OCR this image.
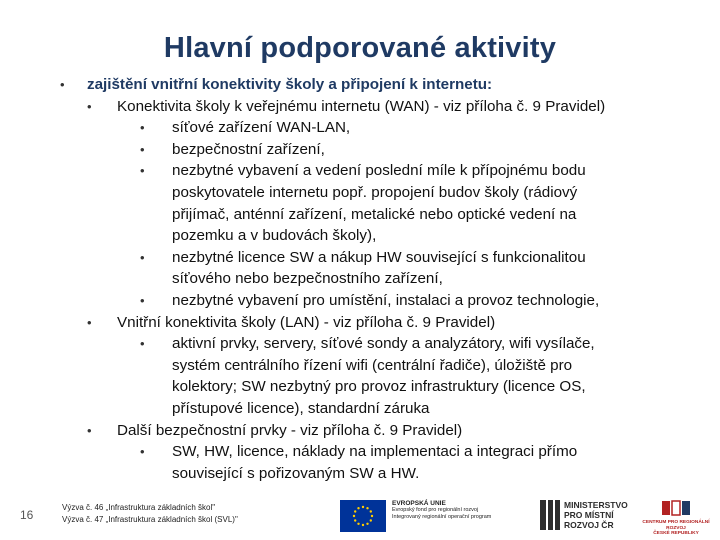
Hlavní podporované aktivity
• zajištění vnitřní konektivity školy a připojení k internetu:
• Konektivita školy k veřejnému internetu (WAN) - viz příloha č. 9 Pravidel)
• síťové zařízení WAN-LAN,
• bezpečnostní zařízení,
• nezbytné vybavení a vedení poslední míle k přípojnému bodu
poskytovatele internetu popř. propojení budov školy (rádiový
přijímač, anténní zařízení, metalické nebo optické vedení na
pozemku a v budovách školy),
• nezbytné licence SW a nákup HW související s funkcionalitou
síťového nebo bezpečnostního zařízení,
• nezbytné vybavení pro umístění, instalaci a provoz technologie,
• Vnitřní konektivita školy (LAN) - viz příloha č. 9 Pravidel)
• aktivní prvky, servery, síťové sondy a analyzátory, wifi vysílače,
systém centrálního řízení wifi (centrální řadiče), úložiště pro
kolektory; SW nezbytný pro provoz infrastruktury (licence OS,
přístupové licence), standardní záruka
• Další bezpečnostní prvky - viz příloha č. 9 Pravidel)
• SW, HW, licence, náklady na implementaci a integraci přímo
související s pořizovaným SW a HW.
16
Výzva č. 46 „Infrastruktura základních škol"
Výzva č. 47 „Infrastruktura základních škol (SVL)"
EVROPSKÁ UNIE
Evropský fond pro regionální rozvoj
Integrovaný regionální operační program
MINISTERSTVO
PRO MÍSTNÍ
ROZVOJ ČR	CENTRUM PRO REGIONÁLNÍ ROZVOJ
ČESKÉ REPUBLIKY
